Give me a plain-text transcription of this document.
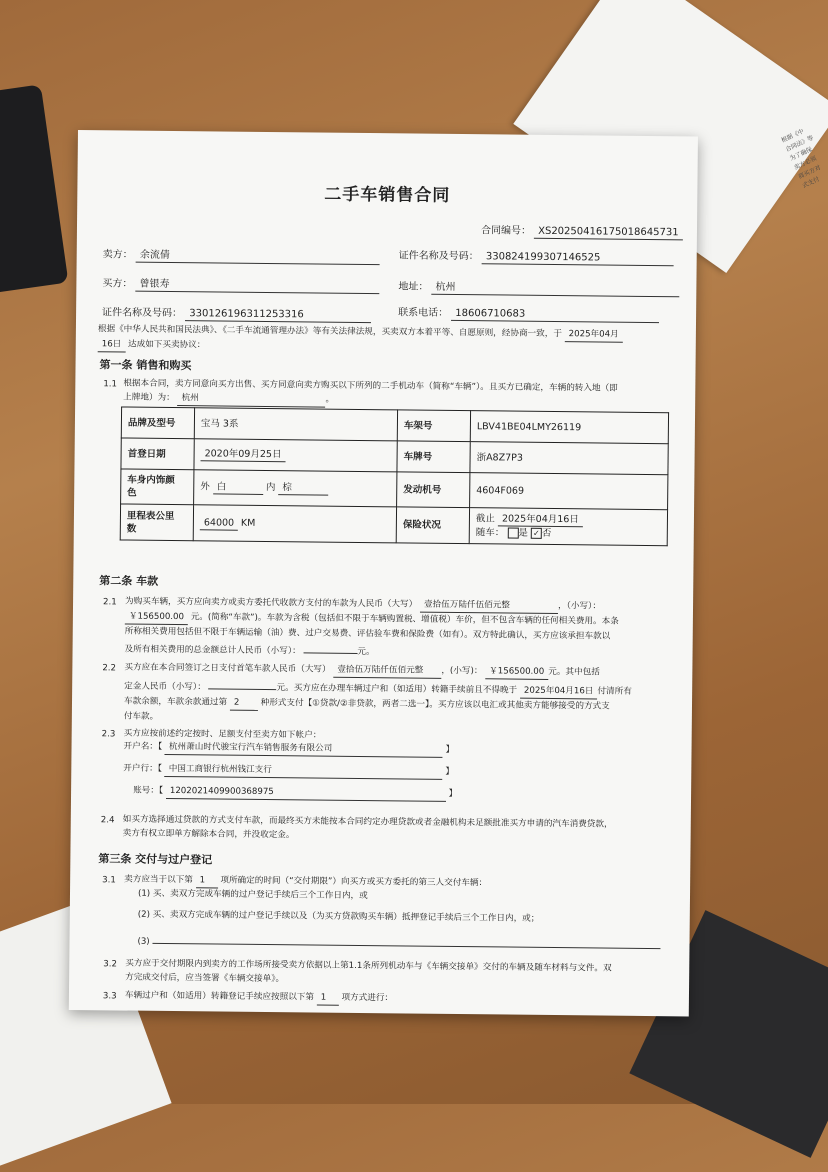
根据《中
合同法》等
为了确保
卖方必须
商买方对
式支付
二手车销售合同
合同编号： XS20250416175018645731
卖方： 余流倩	证件名称及号码： 330824199307146525
买方： 曾银寿	地址： 杭州
证件名称及号码： 330126196311253316	联系电话： 18606710683
根据《中华人民共和国民法典》、《二手车流通管理办法》等有关法律法规，买卖双方本着平等、自愿原则，经协商一致，于 2025年04月
16日 达成如下买卖协议：
第一条 销售和购买
1.1 根据本合同，卖方同意向买方出售、买方同意向卖方购买以下所列的二手机动车（简称“车辆”）。且买方已确定，车辆的转入地（即
上牌地）为： 杭州	。
品牌及型号	宝马 3系	车架号	LBV41BE04LMY26119
首登日期	2020年09月25日	车牌号	浙A8Z7P3
车身内饰颜
色	外 白 内 棕	发动机号	4604F069
里程表公里
数	64000 KM	保险状况	截止 2025年04月16日
随车： 是 ✓ 否
第二条 车款
2.1 为购买车辆，买方应向卖方或卖方委托代收款方支付的车款为人民币（大写） 壹拾伍万陆仟伍佰元整	，（小写）：
￥156500.00 元。(简称“车款”)。车款为含税（包括但不限于车辆购置税、增值税）车价，但不包含车辆的任何相关费用。本条
所称相关费用包括但不限于车辆运输（油）费、过户交易费、评估验车费和保险费（如有）。双方特此确认，买方应该承担车款以
及所有相关费用的总金额总计人民币（小写）：	元。
2.2 买方应在本合同签订之日支付首笔车款人民币（大写） 壹拾伍万陆仟伍佰元整 ，(小写)： ￥156500.00 元。其中包括
定金人民币（小写）：	元。买方应在办理车辆过户和（如适用）转籍手续前且不得晚于 2025年04月16日 付清所有
车款余额，车款余款通过第 2 种形式支付【①贷款/②非贷款，两者二选一】。买方应该以电汇或其他卖方能够接受的方式支
付车款。
2.3 买方应按前述约定按时、足额支付至卖方如下帐户：
开户名：【 杭州萧山时代骏宝行汽车销售服务有限公司	】
开户行：【 中国工商银行杭州钱江支行	】
账号：【 1202021409900368975	】
2.4 如买方选择通过贷款的方式支付车款，而最终买方未能按本合同约定办理贷款或者金融机构未足额批准买方申请的汽车消费贷款，
卖方有权立即单方解除本合同，并没收定金。
第三条 交付与过户登记
3.1 卖方应当于以下第 1 项所确定的时间（“交付期限”）向买方或买方委托的第三人交付车辆：
(1) 买、卖双方完成车辆的过户登记手续后三个工作日内，或
(2) 买、卖双方完成车辆的过户登记手续以及（为买方贷款购买车辆）抵押登记手续后三个工作日内，或；
(3)
3.2 买方应于交付期限内到卖方的工作场所接受卖方依据以上第1.1条所列机动车与《车辆交接单》交付的车辆及随车材料与文件。双
方完成交付后，应当签署《车辆交接单》。
3.3 车辆过户和（如适用）转籍登记手续应按照以下第 1 项方式进行：
